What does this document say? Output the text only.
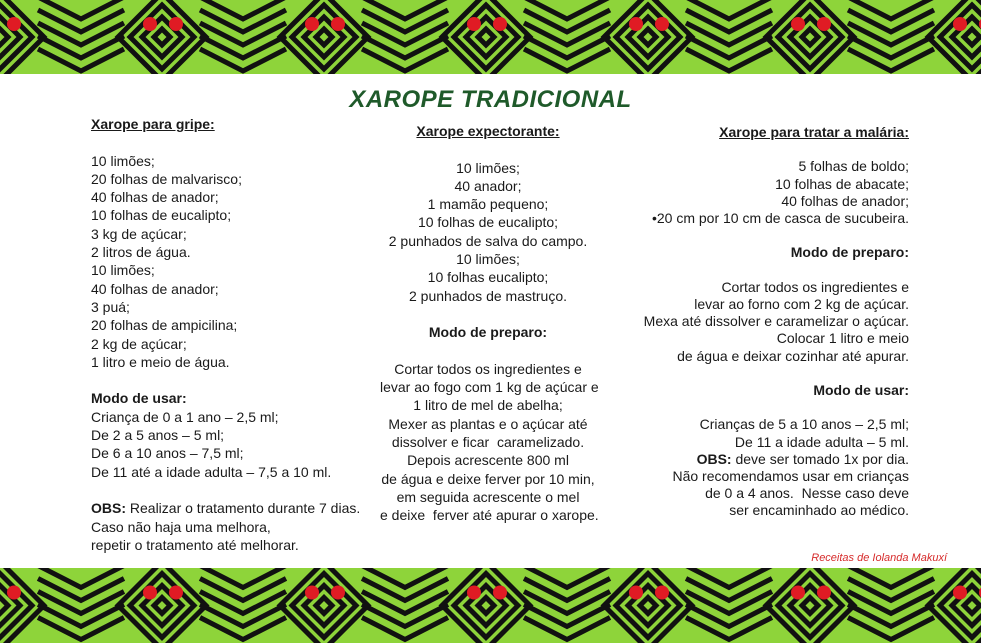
XAROPE TRADICIONAL
Xarope para gripe:
10 limões;
20 folhas de malvarisco;
40 folhas de anador;
10 folhas de eucalipto;
3 kg de açúcar;
2 litros de água.
10 limões;
40 folhas de anador;
3 puá;
20 folhas de ampicilina;
2 kg de açúcar;
1 litro e meio de água.
Modo de usar:
Criança de 0 a 1 ano – 2,5 ml;
De 2 a 5 anos – 5 ml;
De 6 a 10 anos – 7,5 ml;
De 11 até a idade adulta – 7,5 a 10 ml.
OBS: Realizar o tratamento durante 7 dias.
Caso não haja uma melhora,
repetir o tratamento até melhorar.
Xarope expectorante:
10 limões;
40 anador;
1 mamão pequeno;
10 folhas de eucalipto;
2 punhados de salva do campo.
10 limões;
10 folhas eucalipto;
2 punhados de mastruço.
Modo de preparo:
Cortar todos os ingredientes e
levar ao fogo com 1 kg de açúcar e
1 litro de mel de abelha;
Mexer as plantas e o açúcar até
dissolver e ficar  caramelizado.
Depois acrescente 800 ml
de água e deixe ferver por 10 min,
em seguida acrescente o mel
e deixe  ferver até apurar o xarope.
Xarope para tratar a malária:
5 folhas de boldo;
10 folhas de abacate;
40 folhas de anador;
•20 cm por 10 cm de casca de sucubeira.
Modo de preparo:
Cortar todos os ingredientes e
levar ao forno com 2 kg de açúcar.
Mexa até dissolver e caramelizar o açúcar.
Colocar 1 litro e meio
de água e deixar cozinhar até apurar.
Modo de usar:
Crianças de 5 a 10 anos – 2,5 ml;
De 11 a idade adulta – 5 ml.
OBS: deve ser tomado 1x por dia.
Não recomendamos usar em crianças
de 0 a 4 anos.  Nesse caso deve
ser encaminhado ao médico.
Receitas de Iolanda Makuxí
